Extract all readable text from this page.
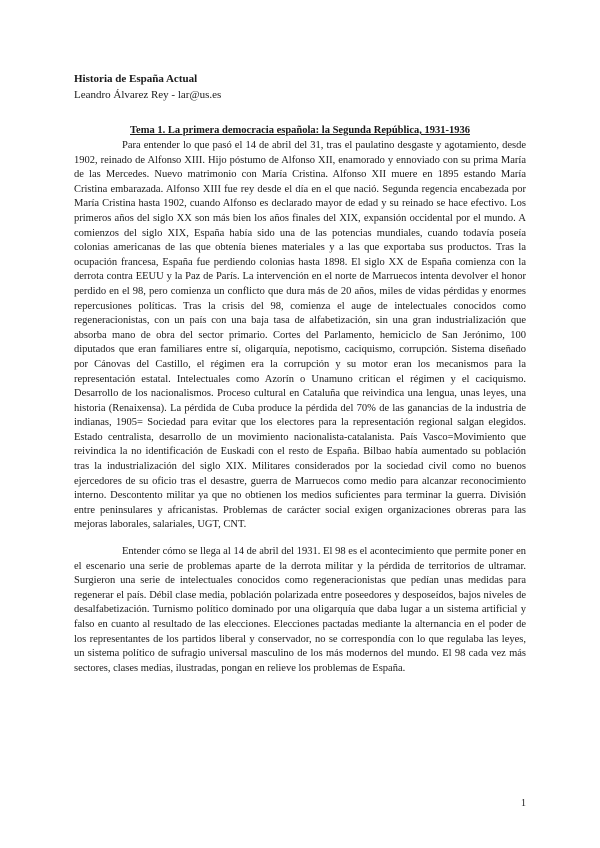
Historia de España Actual
Leandro Álvarez Rey - lar@us.es
Tema 1. La primera democracia española: la Segunda República, 1931-1936

Para entender lo que pasó el 14 de abril del 31, tras el paulatino desgaste y agotamiento, desde 1902, reinado de Alfonso XIII. Hijo póstumo de Alfonso XII, enamorado y ennoviado con su prima María de las Mercedes. Nuevo matrimonio con María Cristina. Alfonso XII muere en 1895 estando María Cristina embarazada. Alfonso XIII fue rey desde el día en el que nació. Segunda regencia encabezada por María Cristina hasta 1902, cuando Alfonso es declarado mayor de edad y su reinado se hace efectivo. Los primeros años del siglo XX son más bien los años finales del XIX, expansión occidental por el mundo. A comienzos del siglo XIX, España había sido una de las potencias mundiales, cuando todavía poseía colonias americanas de las que obtenía bienes materiales y a las que exportaba sus productos. Tras la ocupación francesa, España fue perdiendo colonias hasta 1898. El siglo XX de España comienza con la derrota contra EEUU y la Paz de París. La intervención en el norte de Marruecos intenta devolver el honor perdido en el 98, pero comienza un conflicto que dura más de 20 años, miles de vidas pérdidas y enormes repercusiones políticas. Tras la crisis del 98, comienza el auge de intelectuales conocidos como regeneracionistas, con un país con una baja tasa de alfabetización, sin una gran industrialización que absorba mano de obra del sector primario. Cortes del Parlamento, hemiciclo de San Jerónimo, 100 diputados que eran familiares entre sí, oligarquía, nepotismo, caciquismo, corrupción. Sistema diseñado por Cánovas del Castillo, el régimen era la corrupción y su motor eran los mecanismos para la representación estatal. Intelectuales como Azorín o Unamuno critican el régimen y el caciquismo. Desarrollo de los nacionalismos. Proceso cultural en Cataluña que reivindica una lengua, unas leyes, una historia (Renaixensa). La pérdida de Cuba produce la pérdida del 70% de las ganancias de la industria de indianas, 1905= Sociedad para evitar que los electores para la representación regional salgan elegidos. Estado centralista, desarrollo de un movimiento nacionalista-catalanista. País Vasco=Movimiento que reivindica la no identificación de Euskadi con el resto de España. Bilbao había aumentado su población tras la industrialización del siglo XIX. Militares considerados por la sociedad civil como no buenos ejercedores de su oficio tras el desastre, guerra de Marruecos como medio para alcanzar reconocimiento interno. Descontento militar ya que no obtienen los medios suficientes para terminar la guerra. División entre peninsulares y africanistas. Problemas de carácter social exigen organizaciones obreras para las mejoras laborales, salariales, UGT, CNT.

Entender cómo se llega al 14 de abril del 1931. El 98 es el acontecimiento que permite poner en el escenario una serie de problemas aparte de la derrota militar y la pérdida de territorios de ultramar. Surgieron una serie de intelectuales conocidos como regeneracionistas que pedían unas medidas para regenerar el país. Débil clase media, población polarizada entre poseedores y desposeídos, bajos niveles de desalfabetización. Turnismo político dominado por una oligarquía que daba lugar a un sistema artificial y falso en cuanto al resultado de las elecciones. Elecciones pactadas mediante la alternancia en el poder de los representantes de los partidos liberal y conservador, no se correspondía con lo que regulaba las leyes, un sistema político de sufragio universal masculino de los más modernos del mundo. El 98 cada vez más sectores, clases medias, ilustradas, pongan en relieve los problemas de España.

1
